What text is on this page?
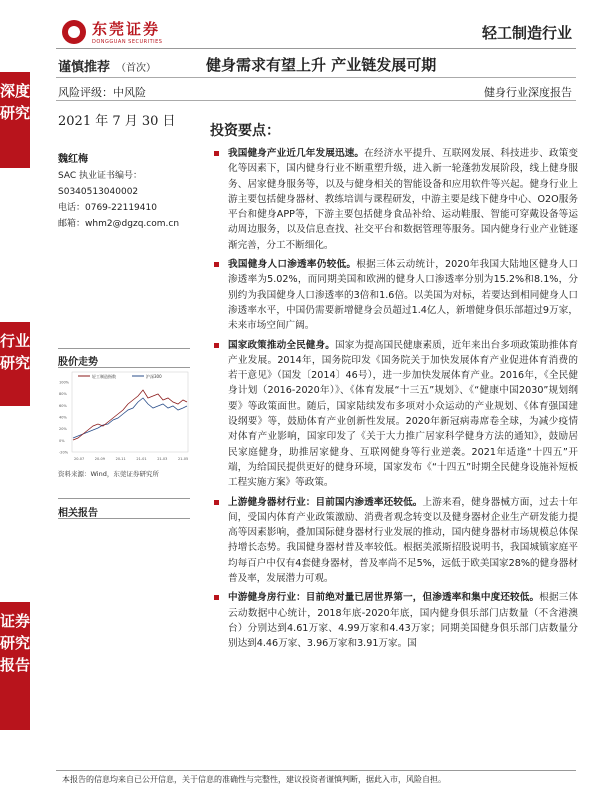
东莞证券
DONGGUAN SECURITIES	轻工制造行业
深度研究
行业研究
证券研究报告
谨慎推荐 （首次）	健身需求有望上升 产业链发展可期
风险评级：中风险	健身行业深度报告
2021 年 7 月 30 日
魏红梅
SAC 执业证书编号：
S0340513040002
电话：0769-22119410
邮箱：whm2@dgzq.com.cn
股价走势
轻工制造指数	沪深300
100%
80%
60%
40%
20%
0%
-20%
20-07	20-09	20-11	21-01	21-03	21-05
资料来源：Wind，东莞证券研究所
相关报告
投资要点：
我国健身产业近几年发展迅速。在经济水平提升、互联网发展、科技进步、政策变化等因素下，国内健身行业不断重塑升级，进入新一轮蓬勃发展阶段，线上健身服务、居家健身服务等，以及与健身相关的智能设备和应用软件等兴起。健身行业上游主要包括健身器材、教练培训与课程研发，中游主要是线下健身中心、O2O服务平台和健身APP等，下游主要包括健身食品补给、运动鞋服、智能可穿戴设备等运动周边服务，以及信息查找、社交平台和数据管理等服务。国内健身行业产业链逐渐完善，分工不断细化。
我国健身人口渗透率仍较低。根据三体云动统计，2020年我国大陆地区健身人口渗透率为5.02%，而同期美国和欧洲的健身人口渗透率分别为15.2%和8.1%，分别约为我国健身人口渗透率的3倍和1.6倍。以美国为对标，若要达到相同健身人口渗透率水平，中国仍需要新增健身会员超过1.4亿人，新增健身俱乐部超过9万家，未来市场空间广阔。
国家政策推动全民健身。国家为提高国民健康素质，近年来出台多项政策助推体育产业发展。2014年，国务院印发《国务院关于加快发展体育产业促进体育消费的若干意见》（国发〔2014〕46号），进一步加快发展体育产业。2016年，《全民健身计划（2016-2020年）》、《体育发展“十三五”规划》、《“健康中国2030”规划纲要》等政策面世。随后，国家陆续发布多项对小众运动的产业规划、《体育强国建设纲要》等，鼓励体育产业创新性发展。2020年新冠病毒席卷全球，为减少疫情对体育产业影响，国家印发了《关于大力推广居家科学健身方法的通知》，鼓励居民家庭健身，助推居家健身、互联网健身等行业逆袭。2021年适逢“十四五”开端，为给国民提供更好的健身环境，国家发布《“十四五”时期全民健身设施补短板工程实施方案》等政策。
上游健身器材行业：目前国内渗透率还较低。上游来看，健身器械方面，过去十年间，受国内体育产业政策激励、消费者观念转变以及健身器材企业生产研发能力提高等因素影响，叠加国际健身器材行业发展的推动，国内健身器材市场规模总体保持增长态势。我国健身器材普及率较低。根据美派斯招股说明书，我国城镇家庭平均每百户中仅有4套健身器材，普及率尚不足5%，远低于欧美国家28%的健身器材普及率，发展潜力可观。
中游健身房行业：目前绝对量已居世界第一，但渗透率和集中度还较低。根据三体云动数据中心统计，2018年底-2020年底，国内健身俱乐部门店数量（不含港澳台）分别达到4.61万家、4.99万家和4.43万家；同期美国健身俱乐部门店数量分别达到4.46万家、3.96万家和3.91万家。国
本报告的信息均来自已公开信息，关于信息的准确性与完整性，建议投资者谨慎判断，据此入市，风险自担。
